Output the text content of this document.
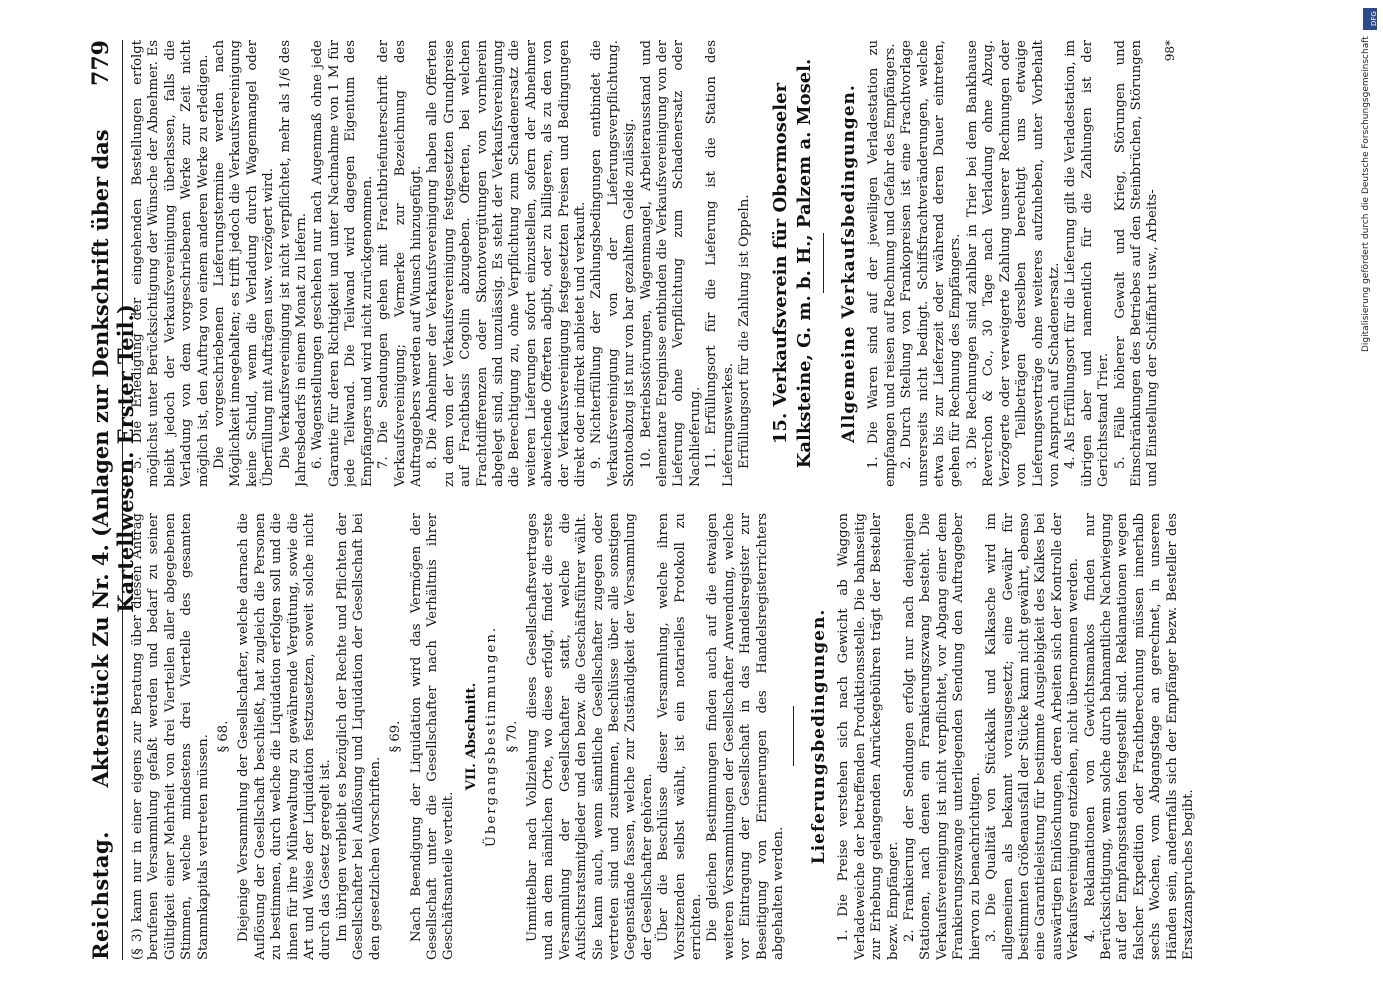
Reichstag.
Aktenstück Zu Nr. 4. (Anlagen zur Denkschrift über das Kartellwesen. Erster Teil.)
779

(§ 3) kann nur in einer eigens zur Beratung über diesen Antrag berufenen Versammlung gefaßt werden und bedarf zu seiner Gültigkeit einer Mehrheit von drei Vierteilen aller abgegebenen Stimmen, welche mindestens drei Viertelle des gesamten Stammkapitals vertreten müssen. § 68. Diejenige Versammlung der Gesellschafter, welche darnach die Auflösung der Gesellschaft beschließt, hat zugleich die Personen zu bestimmen, durch welche die Liquidation erfolgen soll und die ihnen für ihre Mühewaltung zu gewährende Vergütung, sowie die Art und Weise der Liquidation festzusetzen, soweit solche nicht durch das Gesetz geregelt ist. Im übrigen verbleibt es bezüglich der Rechte und Pflichten der Gesellschafter bei Auflösung und Liquidation der Gesellschaft bei den gesetzlichen Vorschriften.

§ 69. Nach Beendigung der Liquidation wird das Vermögen der Gesellschaft unter die Gesellschafter nach Verhältnis ihrer Geschäftsanteile verteilt.

VII. Abschnitt. Übergangsbestimmungen. § 70. Unmittelbar nach Vollziehung dieses Gesellschaftsvertrages und an dem nämlichen Orte, wo diese erfolgt, findet die erste Versammlung der Gesellschafter statt, welche die Aufsichtsratsmitglieder und den bezw. die Geschäftsführer wählt. Sie kann auch, wenn sämtliche Gesellschafter zugegen oder vertreten sind und zustimmen, Beschlüsse über alle sonstigen Gegenstände fassen, welche zur Zuständigkeit der Versammlung der Gesellschafter gehören. Über die Beschlüsse dieser Versammlung, welche ihren Vorsitzenden selbst wählt, ist ein notarielles Protokoll zu errichten. Die gleichen Bestimmungen finden auch auf die etwaigen weiteren Versammlungen der Gesellschafter Anwendung, welche vor Eintragung der Gesellschaft in das Handelsregister zur Beseitigung von Erinnerungen des Handelsregisterrichters abgehalten werden.

Lieferungsbedingungen. 1. Die Preise verstehen sich nach Gewicht ab Waggon Verladeweiche der betreffenden Produktionsstelle. Die bahnseitig zur Erhebung gelangenden Anrückegebühren trägt der Besteller bezw. Empfänger. 2. Frankierung der Sendungen erfolgt nur nach denjenigen Stationen, nach denen ein Frankierungszwang besteht. Die Verkaufsvereinigung ist nicht verpflichtet, vor Abgang einer dem Frankierungszwange unterliegenden Sendung den Auftraggeber hiervon zu benachrichtigen. 3. Die Qualität von Stückkalk und Kalkasche wird im allgemeinen als bekannt vorausgesetzt; eine Gewähr für bestimmten Größenausfall der Stücke kann nicht gewährt, ebenso eine Garantieleistung für bestimmte Ausgiebigkeit des Kalkes bei auswärtigen Einlöschungen, deren Arbeiten sich der Kontrolle der Verkaufsvereinigung entziehen, nicht übernommen werden. 4. Reklamationen von Gewichtsmankos finden nur Berücksichtigung, wenn solche durch bahnamtliche Nachwiegung auf der Empfangsstation festgestellt sind. Reklamationen wegen falscher Expedition oder Frachtberechnung müssen innerhalb sechs Wochen, vom Abgangstage an gerechnet, in unseren Händen sein, andernfalls sich der Empfänger bezw. Besteller des Ersatzanspruches begibt.

5. Die Erledigung der eingehenden Bestellungen erfolgt möglichst unter Berücksichtigung der Wünsche der Abnehmer. Es bleibt jedoch der Verkaufsvereinigung überlassen, falls die Verladung von dem vorgeschriebenen Werke zur Zeit nicht möglich ist, den Auftrag von einem anderen Werke zu erledigen. Die vorgeschriebenen Lieferungstermine werden nach Möglichkeit innegehalten; es trifft jedoch die Verkaufsvereinigung keine Schuld, wenn die Verladung durch Wagenmangel oder Überfüllung mit Aufträgen usw. verzögert wird. Die Verkaufsvereinigung ist nicht verpflichtet, mehr als 1/6 des Jahresbedarfs in einem Monat zu liefern. 6. Wagenstellungen geschehen nur nach Augenmaß ohne jede Garantie für deren Richtigkeit und unter Nachnahme von 1 M für jede Teilwand. Die Teilwand wird dagegen Eigentum des Empfängers und wird nicht zurückgenommen. 7. Die Sendungen gehen mit Frachtbriefunterschrift der Verkaufsvereinigung; Vermerke zur Bezeichnung des Auftraggebers werden auf Wunsch hinzugefügt. 8. Die Abnehmer der Verkaufsvereinigung haben alle Offerten zu dem von der Verkaufsvereinigung festgesetzten Grundpreise auf Frachtbasis Cogolin abzugeben. Offerten, bei welchen Frachtdifferenzen oder Skontovergütungen von vornherein abgelegt sind, sind unzulässig. Es steht der Verkaufsvereinigung die Berechtigung zu, ohne Verpflichtung zum Schadenersatz die weiteren Lieferungen sofort einzustellen, sofern der Abnehmer abweichende Offerten abgibt, oder zu billigeren, als zu den von der Verkaufsvereinigung festgesetzten Preisen und Bedingungen direkt oder indirekt anbietet und verkauft. 9. Nichterfüllung der Zahlungsbedingungen entbindet die Verkaufsvereinigung von der Lieferungsverpflichtung. Skontoabzug ist nur von bar gezahltem Gelde zulässig. 10. Betriebsstörungen, Wagenmangel, Arbeiterausstand und elementare Ereignisse entbinden die Verkaufsvereinigung von der Lieferung ohne Verpflichtung zum Schadenersatz oder Nachlieferung. 11. Erfüllungsort für die Lieferung ist die Station des Lieferungswerkes. Erfüllungsort für die Zahlung ist Oppeln. 15. Verkaufsverein für Obermoseler Kalksteine, G. m. b. H., Palzem a. Mosel. Allgemeine Verkaufsbedingungen. 1. Die Waren sind auf der jeweiligen Verladestation zu empfangen und reisen auf Rechnung und Gefahr des Empfängers. 2. Durch Stellung von Frankopreisen ist eine Frachtvorlage unsrerseits nicht bedingt. Schiffsfrachtveränderungen, welche etwa bis zur Lieferzeit oder während deren Dauer eintreten, gehen für Rechnung des Empfängers. 3. Die Rechnungen sind zahlbar in Trier bei dem Bankhause Reverchon & Co., 30 Tage nach Verladung ohne Abzug. Verzögerte oder verweigerte Zahlung unserer Rechnungen oder von Teilbeträgen derselben berechtigt uns etwaige Lieferungsverträge ohne weiteres aufzuheben, unter Vorbehalt von Anspruch auf Schadenersatz. 4. Als Erfüllungsort für die Lieferung gilt die Verladestation, im übrigen aber und namentlich für die Zahlungen ist der Gerichtsstand Trier. 5. Fälle höherer Gewalt und Krieg, Störungen und Einschränkungen des Betriebes auf den Steinbrüchen, Störungen und Einstellung der Schiffahrt usw., Arbeits-

98*

DFG
Digitalisierung gefördert durch die Deutsche Forschungsgemeinschaft
